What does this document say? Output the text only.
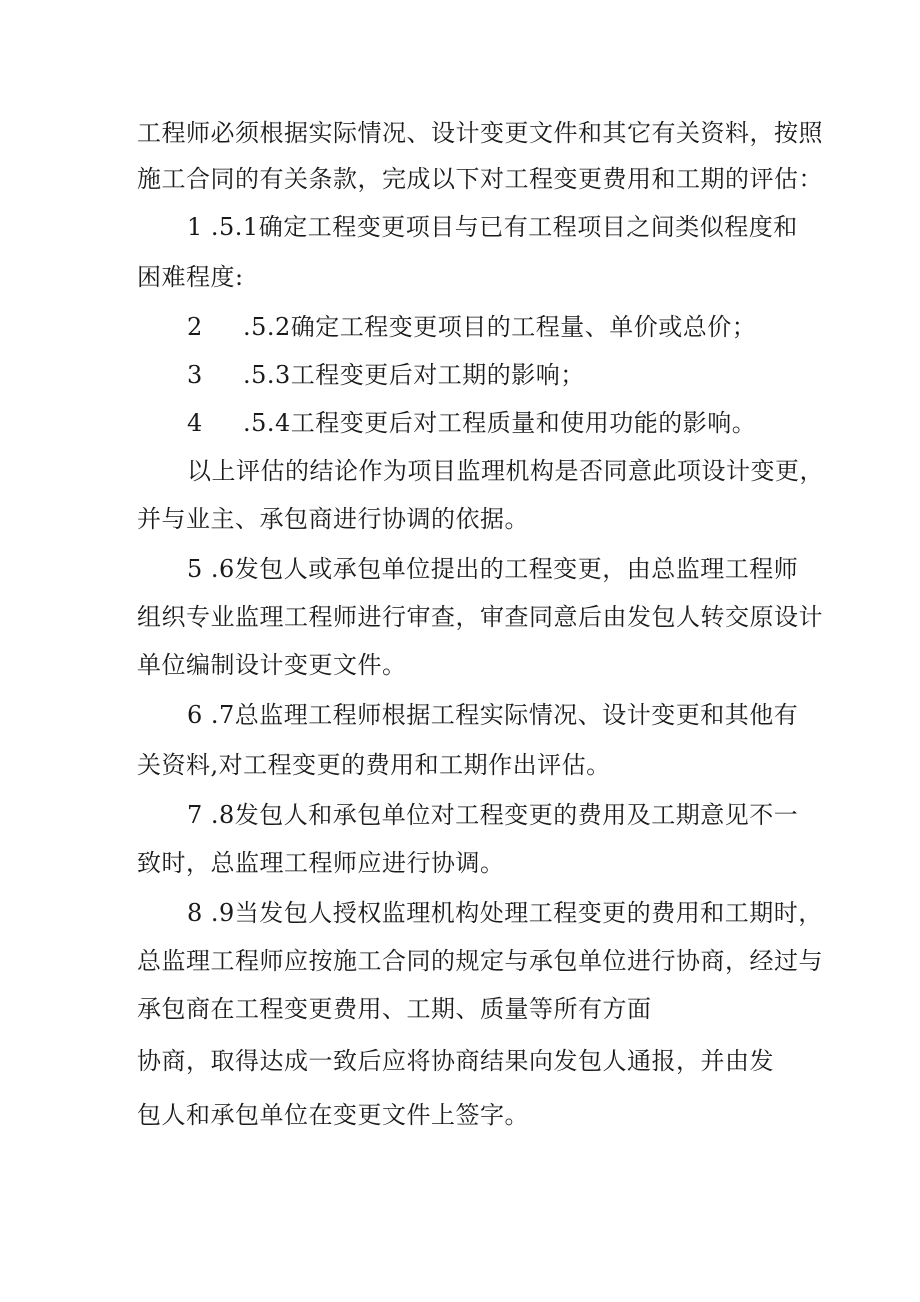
工程师必须根据实际情况、设计变更文件和其它有关资料，按照
施工合同的有关条款，完成以下对工程变更费用和工期的评估：
1 .5.1确定工程变更项目与已有工程项目之间类似程度和
困难程度:
2 .5.2确定工程变更项目的工程量、单价或总价；
3 .5.3工程变更后对工期的影响；
4 .5.4工程变更后对工程质量和使用功能的影响。
以上评估的结论作为项目监理机构是否同意此项设计变更，
并与业主、承包商进行协调的依据。
5 .6发包人或承包单位提出的工程变更，由总监理工程师
组织专业监理工程师进行审查，审查同意后由发包人转交原设计
单位编制设计变更文件。
6 .7总监理工程师根据工程实际情况、设计变更和其他有
关资料,对工程变更的费用和工期作出评估。
7 .8发包人和承包单位对工程变更的费用及工期意见不一
致时，总监理工程师应进行协调。
8 .9当发包人授权监理机构处理工程变更的费用和工期时，
总监理工程师应按施工合同的规定与承包单位进行协商，经过与
承包商在工程变更费用、工期、质量等所有方面
协商，取得达成一致后应将协商结果向发包人通报，并由发
包人和承包单位在变更文件上签字。
